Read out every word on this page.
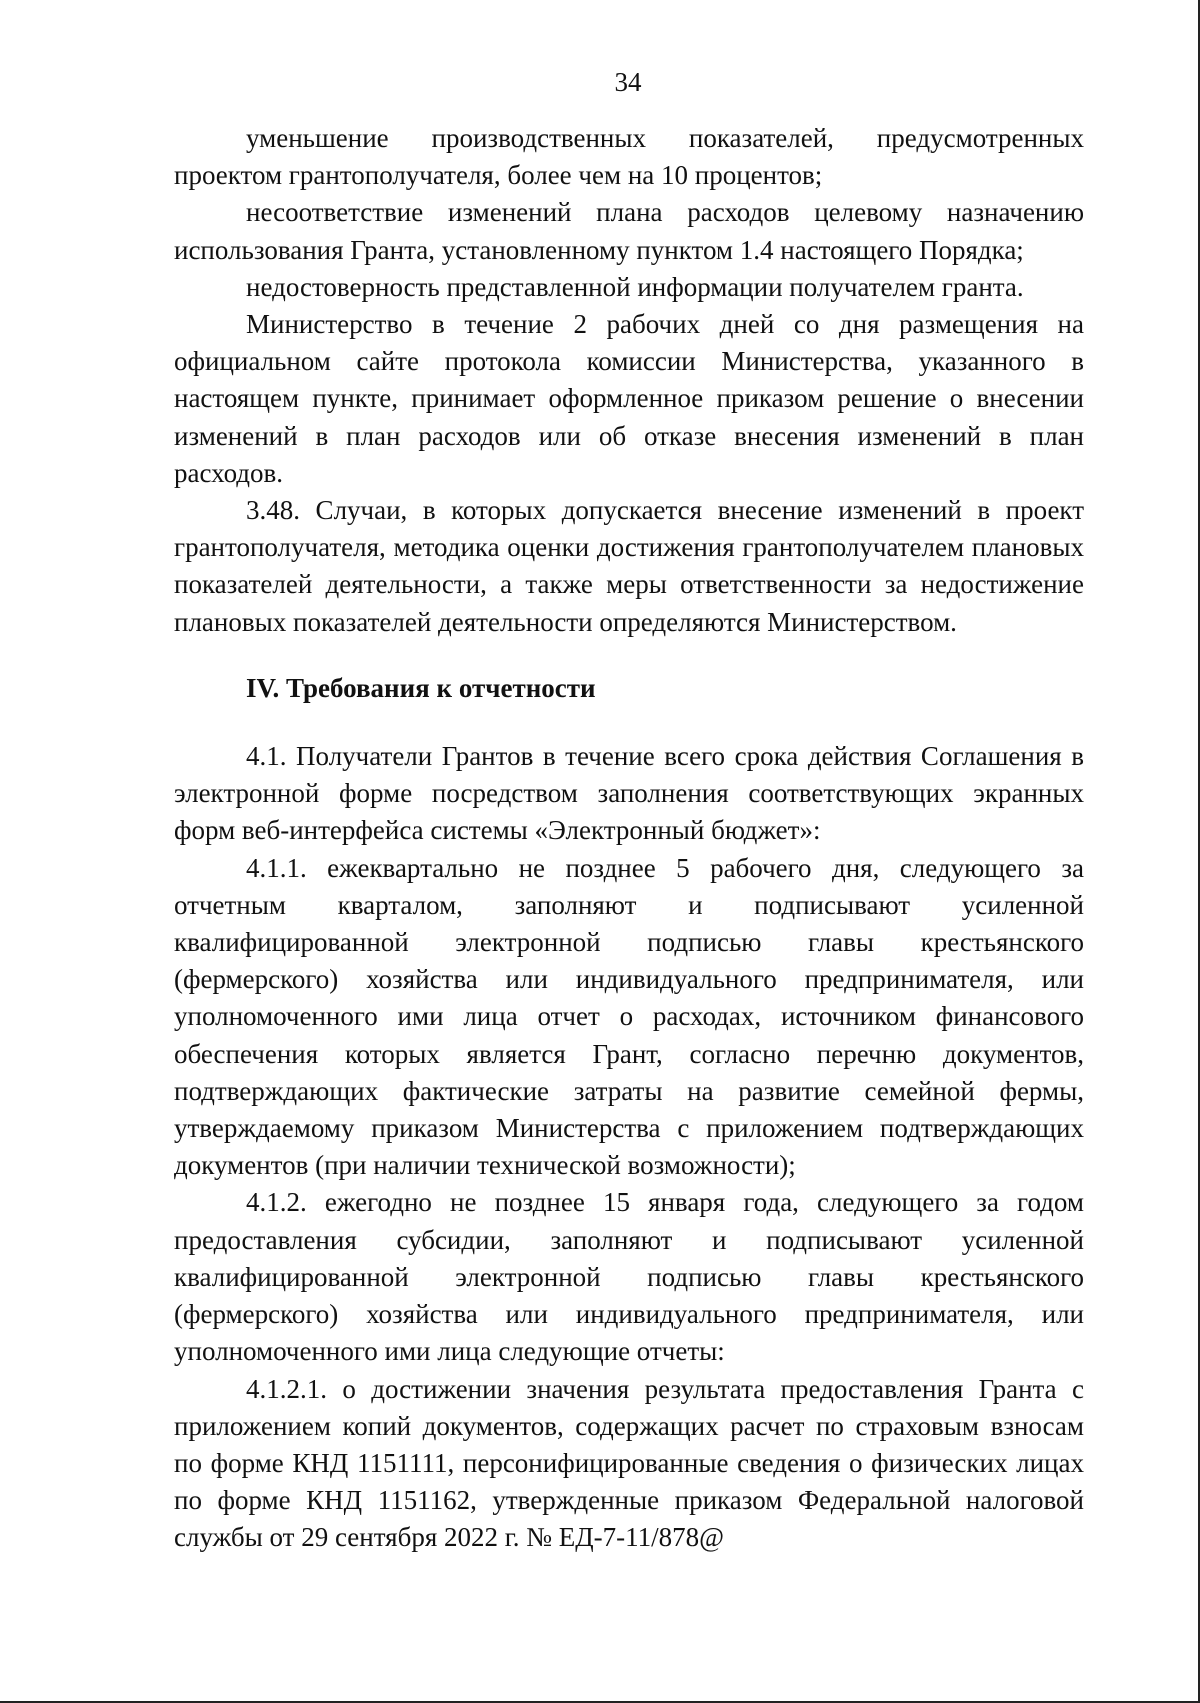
34

уменьшение производственных показателей, предусмотренных проектом грантополучателя, более чем на 10 процентов;

несоответствие изменений плана расходов целевому назначению использования Гранта, установленному пунктом 1.4 настоящего Порядка;

недостоверность представленной информации получателем гранта.

Министерство в течение 2 рабочих дней со дня размещения на официальном сайте протокола комиссии Министерства, указанного в настоящем пункте, принимает оформленное приказом решение о внесении изменений в план расходов или об отказе внесения изменений в план расходов.

3.48. Случаи, в которых допускается внесение изменений в проект грантополучателя, методика оценки достижения грантополучателем плановых показателей деятельности, а также меры ответственности за недостижение плановых показателей деятельности определяются Министерством.

IV. Требования к отчетности

4.1. Получатели Грантов в течение всего срока действия Соглашения в электронной форме посредством заполнения соответствующих экранных форм веб-интерфейса системы «Электронный бюджет»:

4.1.1. ежеквартально не позднее 5 рабочего дня, следующего за отчетным кварталом, заполняют и подписывают усиленной квалифицированной электронной подписью главы крестьянского (фермерского) хозяйства или индивидуального предпринимателя, или уполномоченного ими лица отчет о расходах, источником финансового обеспечения которых является Грант, согласно перечню документов, подтверждающих фактические затраты на развитие семейной фермы, утверждаемому приказом Министерства с приложением подтверждающих документов (при наличии технической возможности);

4.1.2. ежегодно не позднее 15 января года, следующего за годом предоставления субсидии, заполняют и подписывают усиленной квалифицированной электронной подписью главы крестьянского (фермерского) хозяйства или индивидуального предпринимателя, или уполномоченного ими лица следующие отчеты:

4.1.2.1. о достижении значения результата предоставления Гранта с приложением копий документов, содержащих расчет по страховым взносам по форме КНД 1151111, персонифицированные сведения о физических лицах по форме КНД 1151162, утвержденные приказом Федеральной налоговой службы от 29 сентября 2022 г. № ЕД-7-11/878@
